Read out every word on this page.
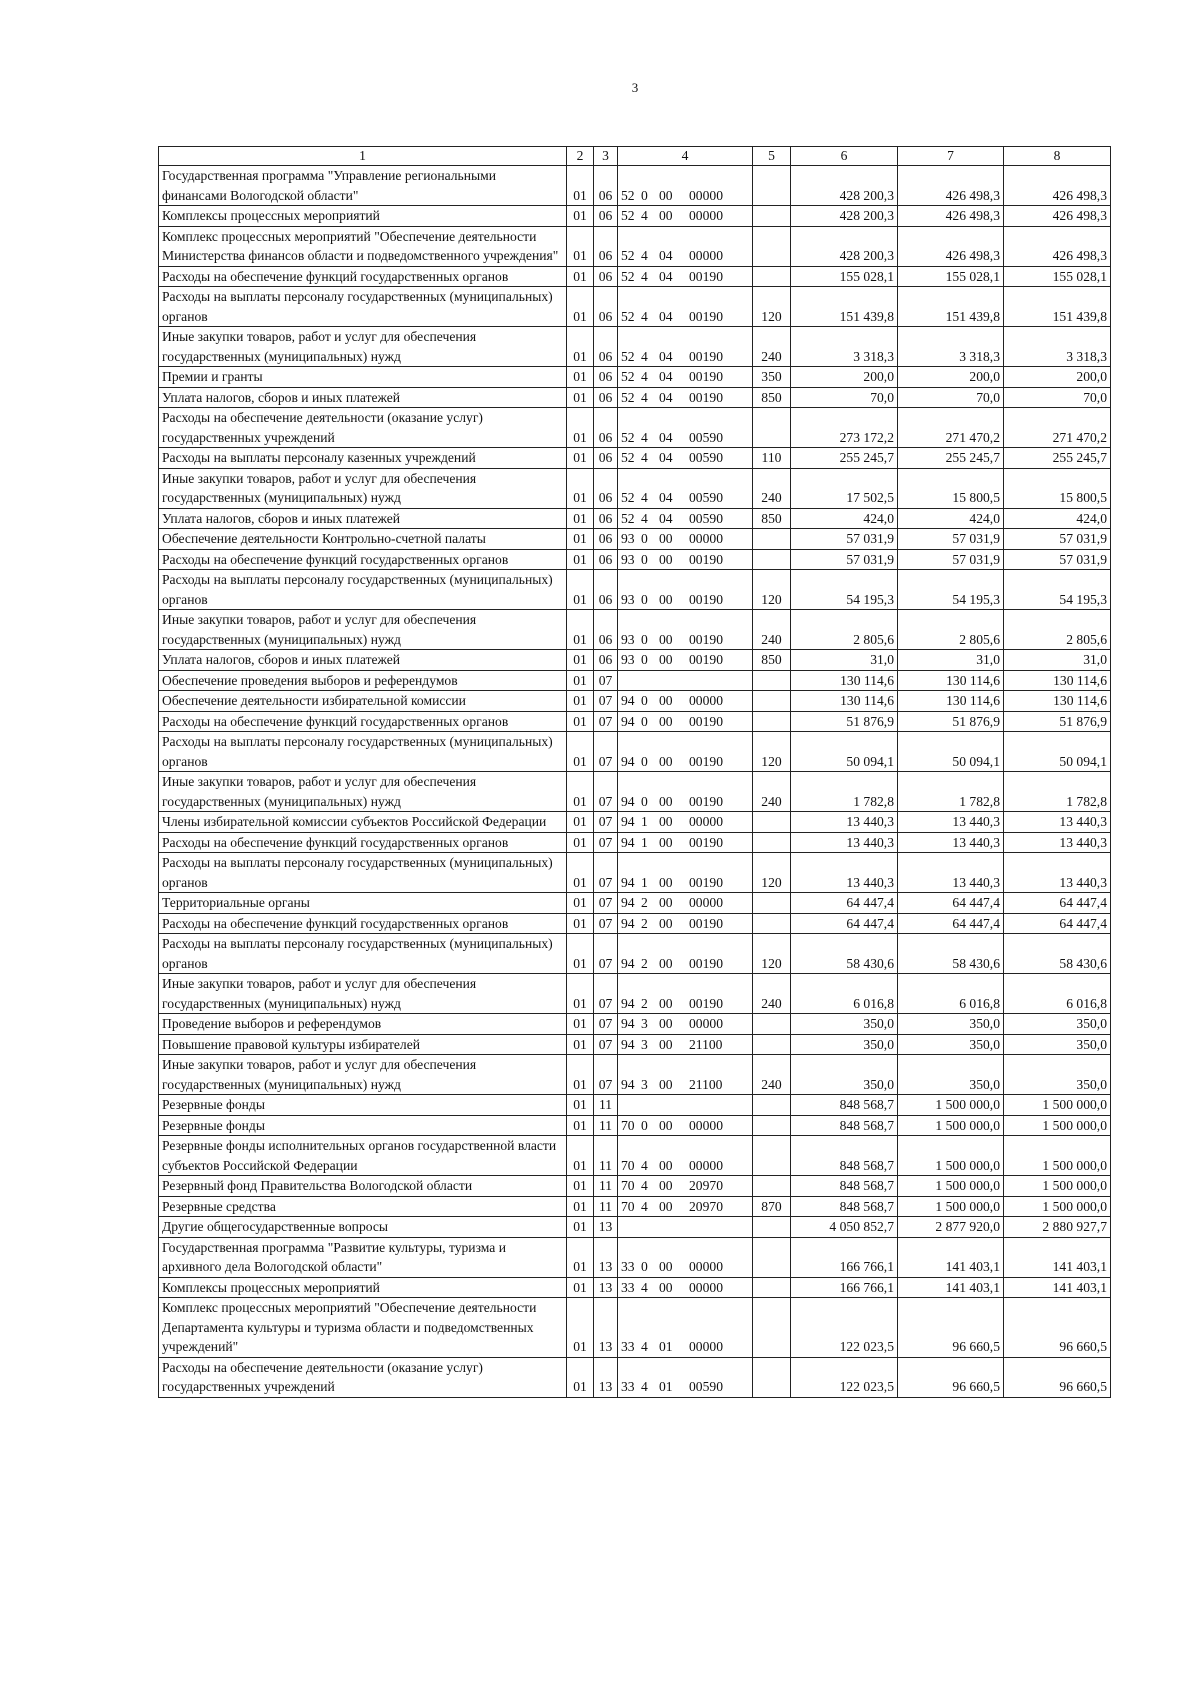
3
1	2	3	4	5	6	7	8
Государственная программа "Управление региональными финансами Вологодской области"	01	06	52 0 00 00000		428 200,3	426 498,3	426 498,3
Комплексы процессных мероприятий	01	06	52 4 00 00000		428 200,3	426 498,3	426 498,3
Комплекс процессных мероприятий "Обеспечение деятельности Министерства финансов области и подведомственного учреждения"	01	06	52 4 04 00000		428 200,3	426 498,3	426 498,3
Расходы на обеспечение функций государственных органов	01	06	52 4 04 00190		155 028,1	155 028,1	155 028,1
Расходы на выплаты персоналу государственных (муниципальных) органов	01	06	52 4 04 00190	120	151 439,8	151 439,8	151 439,8
Иные закупки товаров, работ и услуг для обеспечения государственных (муниципальных) нужд	01	06	52 4 04 00190	240	3 318,3	3 318,3	3 318,3
Премии и гранты	01	06	52 4 04 00190	350	200,0	200,0	200,0
Уплата налогов, сборов и иных платежей	01	06	52 4 04 00190	850	70,0	70,0	70,0
Расходы на обеспечение деятельности (оказание услуг) государственных учреждений	01	06	52 4 04 00590		273 172,2	271 470,2	271 470,2
Расходы на выплаты персоналу казенных учреждений	01	06	52 4 04 00590	110	255 245,7	255 245,7	255 245,7
Иные закупки товаров, работ и услуг для обеспечения государственных (муниципальных) нужд	01	06	52 4 04 00590	240	17 502,5	15 800,5	15 800,5
Уплата налогов, сборов и иных платежей	01	06	52 4 04 00590	850	424,0	424,0	424,0
Обеспечение деятельности Контрольно-счетной палаты	01	06	93 0 00 00000		57 031,9	57 031,9	57 031,9
Расходы на обеспечение функций государственных органов	01	06	93 0 00 00190		57 031,9	57 031,9	57 031,9
Расходы на выплаты персоналу государственных (муниципальных) органов	01	06	93 0 00 00190	120	54 195,3	54 195,3	54 195,3
Иные закупки товаров, работ и услуг для обеспечения государственных (муниципальных) нужд	01	06	93 0 00 00190	240	2 805,6	2 805,6	2 805,6
Уплата налогов, сборов и иных платежей	01	06	93 0 00 00190	850	31,0	31,0	31,0
Обеспечение проведения выборов и референдумов	01	07			130 114,6	130 114,6	130 114,6
Обеспечение деятельности избирательной комиссии	01	07	94 0 00 00000		130 114,6	130 114,6	130 114,6
Расходы на обеспечение функций государственных органов	01	07	94 0 00 00190		51 876,9	51 876,9	51 876,9
Расходы на выплаты персоналу государственных (муниципальных) органов	01	07	94 0 00 00190	120	50 094,1	50 094,1	50 094,1
Иные закупки товаров, работ и услуг для обеспечения государственных (муниципальных) нужд	01	07	94 0 00 00190	240	1 782,8	1 782,8	1 782,8
Члены избирательной комиссии субъектов Российской Федерации	01	07	94 1 00 00000		13 440,3	13 440,3	13 440,3
Расходы на обеспечение функций государственных органов	01	07	94 1 00 00190		13 440,3	13 440,3	13 440,3
Расходы на выплаты персоналу государственных (муниципальных) органов	01	07	94 1 00 00190	120	13 440,3	13 440,3	13 440,3
Территориальные органы	01	07	94 2 00 00000		64 447,4	64 447,4	64 447,4
Расходы на обеспечение функций государственных органов	01	07	94 2 00 00190		64 447,4	64 447,4	64 447,4
Расходы на выплаты персоналу государственных (муниципальных) органов	01	07	94 2 00 00190	120	58 430,6	58 430,6	58 430,6
Иные закупки товаров, работ и услуг для обеспечения государственных (муниципальных) нужд	01	07	94 2 00 00190	240	6 016,8	6 016,8	6 016,8
Проведение выборов и референдумов	01	07	94 3 00 00000		350,0	350,0	350,0
Повышение правовой культуры избирателей	01	07	94 3 00 21100		350,0	350,0	350,0
Иные закупки товаров, работ и услуг для обеспечения государственных (муниципальных) нужд	01	07	94 3 00 21100	240	350,0	350,0	350,0
Резервные фонды	01	11			848 568,7	1 500 000,0	1 500 000,0
Резервные фонды	01	11	70 0 00 00000		848 568,7	1 500 000,0	1 500 000,0
Резервные фонды исполнительных органов государственной власти субъектов Российской Федерации	01	11	70 4 00 00000		848 568,7	1 500 000,0	1 500 000,0
Резервный фонд Правительства Вологодской области	01	11	70 4 00 20970		848 568,7	1 500 000,0	1 500 000,0
Резервные средства	01	11	70 4 00 20970	870	848 568,7	1 500 000,0	1 500 000,0
Другие общегосударственные вопросы	01	13			4 050 852,7	2 877 920,0	2 880 927,7
Государственная программа "Развитие культуры, туризма и архивного дела Вологодской области"	01	13	33 0 00 00000		166 766,1	141 403,1	141 403,1
Комплексы процессных мероприятий	01	13	33 4 00 00000		166 766,1	141 403,1	141 403,1
Комплекс процессных мероприятий "Обеспечение деятельности Департамента культуры и туризма области и подведомственных учреждений"	01	13	33 4 01 00000		122 023,5	96 660,5	96 660,5
Расходы на обеспечение деятельности (оказание услуг) государственных учреждений	01	13	33 4 01 00590		122 023,5	96 660,5	96 660,5
